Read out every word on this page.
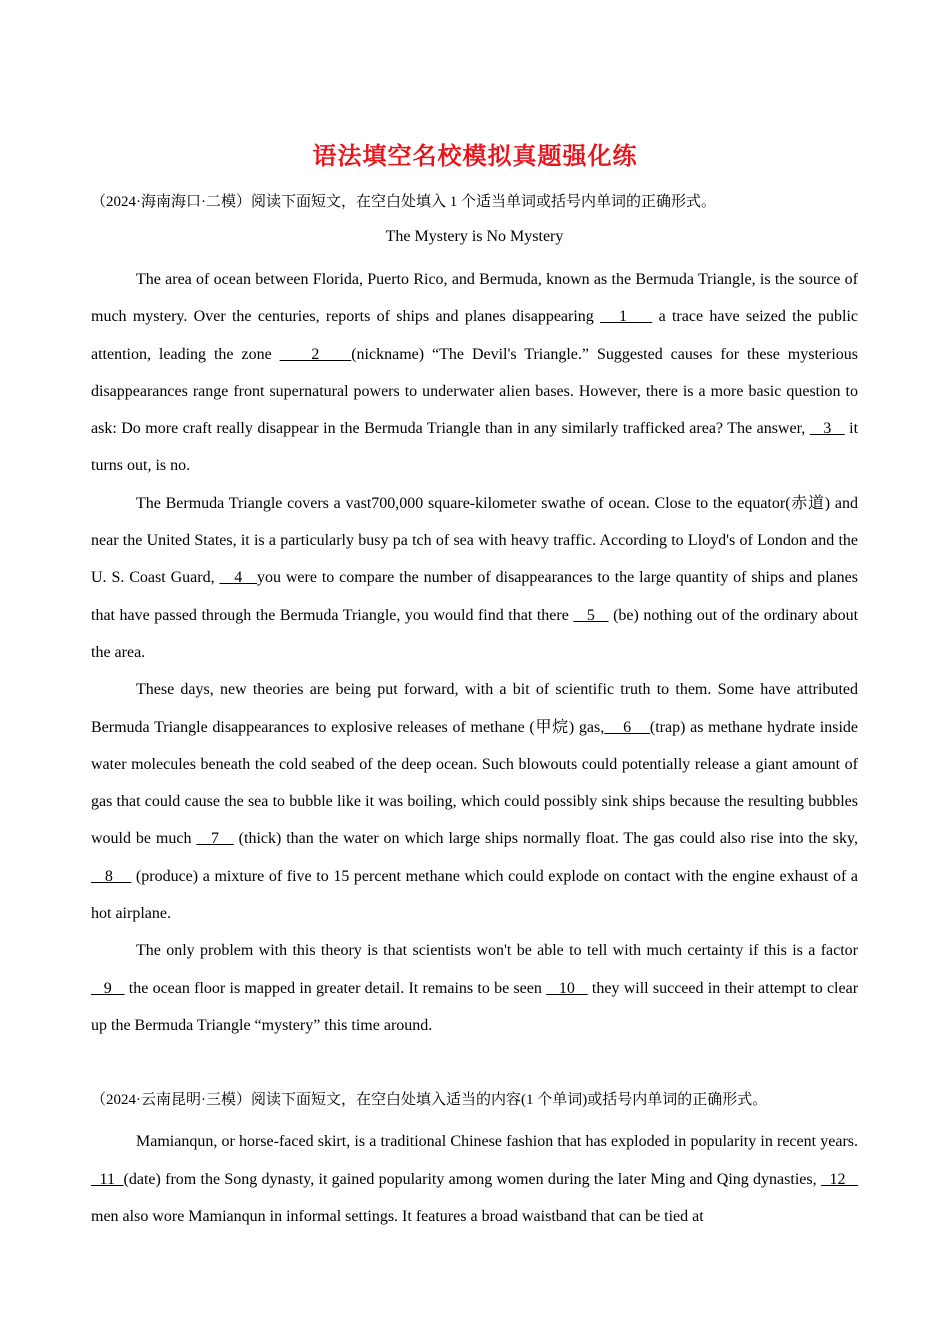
语法填空名校模拟真题强化练

（2024·海南海口·二模）阅读下面短文，在空白处填入 1 个适当单词或括号内单词的正确形式。

The Mystery is No Mystery

The area of ocean between Florida, Puerto Rico, and Bermuda, known as the Bermuda Triangle, is the source of much mystery. Over the centuries, reports of ships and planes disappearing    1     a trace have seized the public attention, leading the zone     2    (nickname) “The Devil's Triangle.” Suggested causes for these mysterious disappearances range front supernatural powers to underwater alien bases. However, there is a more basic question to ask: Do more craft really disappear in the Bermuda Triangle than in any similarly trafficked area? The answer,    3    it turns out, is no.

The Bermuda Triangle covers a vast700,000 square-kilometer swathe of ocean. Close to the equator(赤道) and near the United States, it is a particularly busy pa tch of sea with heavy traffic. According to Lloyd's of London and the U. S. Coast Guard,    4   you were to compare the number of disappearances to the large quantity of ships and planes that have passed through the Bermuda Triangle, you would find that there    5    (be) nothing out of the ordinary about the area.

These days, new theories are being put forward, with a bit of scientific truth to them. Some have attributed Bermuda Triangle disappearances to explosive releases of methane (甲烷) gas,    6    (trap) as methane hydrate inside water molecules beneath the cold seabed of the deep ocean. Such blowouts could potentially release a giant amount of gas that could cause the sea to bubble like it was boiling, which could possibly sink ships because the resulting bubbles would be much    7    (thick) than the water on which large ships normally float. The gas could also rise into the sky,    8     (produce) a mixture of five to 15 percent methane which could explode on contact with the engine exhaust of a hot airplane.

The only problem with this theory is that scientists won't be able to tell with much certainty if this is a factor    9    the ocean floor is mapped in greater detail. It remains to be seen    10    they will succeed in their attempt to clear up the Bermuda Triangle “mystery” this time around.

（2024·云南昆明·三模）阅读下面短文，在空白处填入适当的内容(1 个单词)或括号内单词的正确形式。

Mamianqun, or horse-faced skirt, is a traditional Chinese fashion that has exploded in popularity in recent years.   11  (date) from the Song dynasty, it gained popularity among women during the later Ming and Qing dynasties,   12    men also wore Mamianqun in informal settings. It features a broad waistband that can be tied at
